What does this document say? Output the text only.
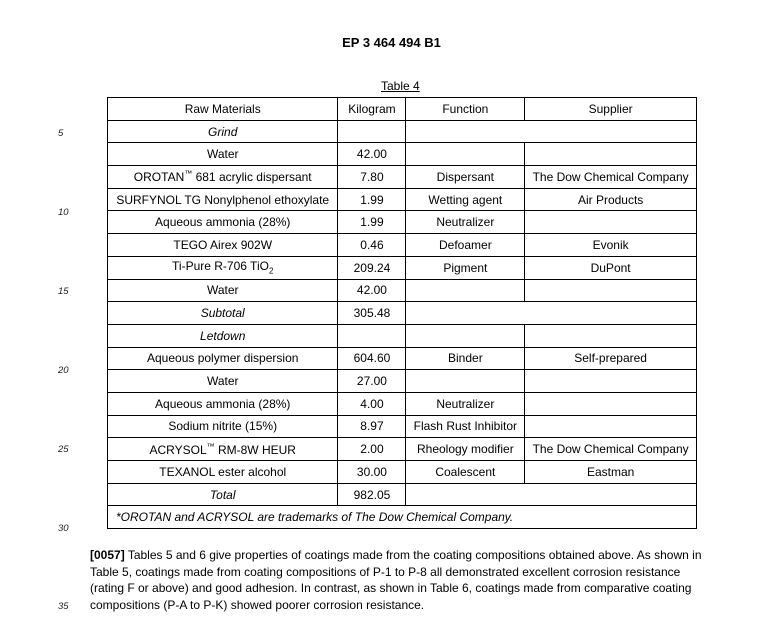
EP 3 464 494 B1
Table 4
5
10
15
20
25
30
35
Raw Materials	Kilogram	Function	Supplier
Grind			
Water	42.00		
OROTAN™ 681 acrylic dispersant	7.80	Dispersant	The Dow Chemical Company
SURFYNOL TG Nonylphenol ethoxylate	1.99	Wetting agent	Air Products
Aqueous ammonia (28%)	1.99	Neutralizer	
TEGO Airex 902W	0.46	Defoamer	Evonik
Ti-Pure R-706 TiO$_2$	209.24	Pigment	DuPont
Water	42.00		
Subtotal	305.48		
Letdown			
Aqueous polymer dispersion	604.60	Binder	Self-prepared
Water	27.00		
Aqueous ammonia (28%)	4.00	Neutralizer	
Sodium nitrite (15%)	8.97	Flash Rust Inhibitor	
ACRYSOL™ RM-8W HEUR	2.00	Rheology modifier	The Dow Chemical Company
TEXANOL ester alcohol	30.00	Coalescent	Eastman
Total	982.05		
*OROTAN and ACRYSOL are trademarks of The Dow Chemical Company.			
[0057] Tables 5 and 6 give properties of coatings made from the coating compositions obtained above. As shown in Table 5, coatings made from coating compositions of P-1 to P-8 all demonstrated excellent corrosion resistance (rating F or above) and good adhesion. In contrast, as shown in Table 6, coatings made from comparative coating compositions (P-A to P-K) showed poorer corrosion resistance.
